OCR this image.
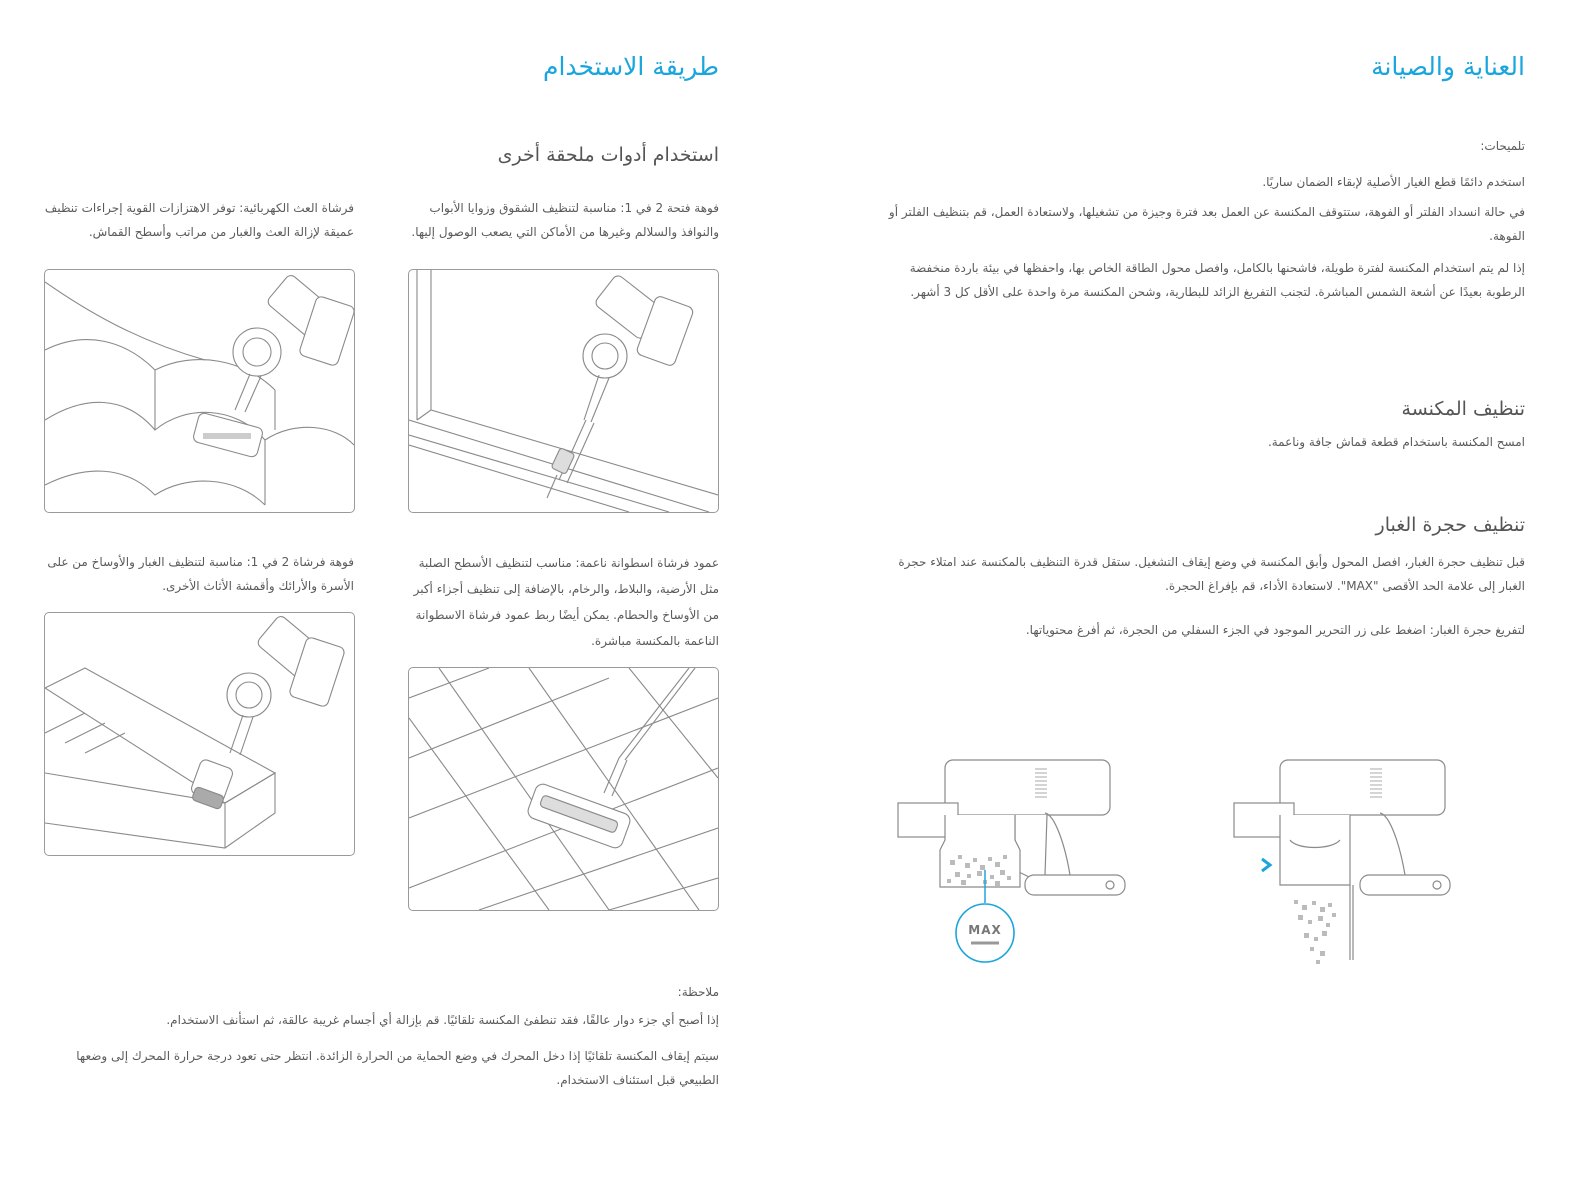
العناية والصيانة

تلميحات:

استخدم دائمًا قطع الغيار الأصلية لإبقاء الضمان ساريًا.

في حالة انسداد الفلتر أو الفوهة، ستتوقف المكنسة عن العمل بعد فترة وجيزة من تشغيلها، ولاستعادة العمل، قم بتنظيف الفلتر أو الفوهة.

إذا لم يتم استخدام المكنسة لفترة طويلة، فاشحنها بالكامل، وافصل محول الطاقة الخاص بها، واحفظها في بيئة باردة منخفضة الرطوبة بعيدًا عن أشعة الشمس المباشرة. لتجنب التفريغ الزائد للبطارية، وشحن المكنسة مرة واحدة على الأقل كل 3 أشهر.

تنظيف المكنسة

امسح المكنسة باستخدام قطعة قماش جافة وناعمة.

تنظيف حجرة الغبار

قبل تنظيف حجرة الغبار، افصل المحول وأبق المكنسة في وضع إيقاف التشغيل. ستقل قدرة التنظيف بالمكنسة عند امتلاء حجرة الغبار إلى علامة الحد الأقصى "MAX". لاستعادة الأداء، قم بإفراغ الحجرة.

لتفريغ حجرة الغبار: اضغط على زر التحرير الموجود في الجزء السفلي من الحجرة، ثم أفرغ محتوياتها.

MAX
طريقة الاستخدام
استخدام أدوات ملحقة أخرى

فوهة فتحة 2 في 1: مناسبة لتنظيف الشقوق وزوايا الأبواب والنوافذ والسلالم وغيرها من الأماكن التي يصعب الوصول إليها.

فرشاة العث الكهربائية: توفر الاهتزازات القوية إجراءات تنظيف عميقة لإزالة العث والغبار من مراتب وأسطح القماش.

عمود فرشاة اسطوانة ناعمة: مناسب لتنظيف الأسطح الصلبة مثل الأرضية، والبلاط، والرخام، بالإضافة إلى تنظيف أجزاء أكبر من الأوساخ والحطام. يمكن أيضًا ربط عمود فرشاة الاسطوانة الناعمة بالمكنسة مباشرة.

فوهة فرشاة 2 في 1: مناسبة لتنظيف الغبار والأوساخ من على الأسرة والأرائك وأقمشة الأثاث الأخرى.

ملاحظة:

إذا أصبح أي جزء دوار عالقًا، فقد تنطفئ المكنسة تلقائيًا. قم بإزالة أي أجسام غريبة عالقة، ثم استأنف الاستخدام.

سيتم إيقاف المكنسة تلقائيًا إذا دخل المحرك في وضع الحماية من الحرارة الزائدة. انتظر حتى تعود درجة حرارة المحرك إلى وضعها الطبيعي قبل استئناف الاستخدام.
